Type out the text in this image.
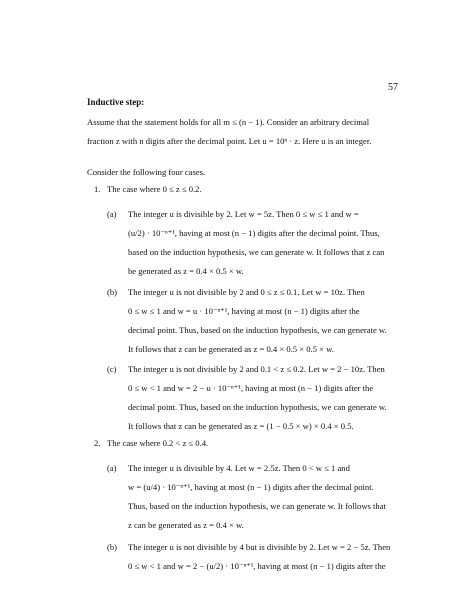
57
Inductive step:
Assume that the statement holds for all m ≤ (n − 1). Consider an arbitrary decimal
fraction z with n digits after the decimal point. Let u = 10ⁿ · z. Here u is an integer.
Consider the following four cases.
1. The case where 0 ≤ z ≤ 0.2.
(a) The integer u is divisible by 2. Let w = 5z. Then 0 ≤ w ≤ 1 and w =
(u/2) · 10⁻ⁿ⁺¹, having at most (n − 1) digits after the decimal point. Thus,
based on the induction hypothesis, we can generate w. It follows that z can
be generated as z = 0.4 × 0.5 × w.
(b) The integer u is not divisible by 2 and 0 ≤ z ≤ 0.1. Let w = 10z. Then
0 ≤ w ≤ 1 and w = u · 10⁻ⁿ⁺¹, having at most (n − 1) digits after the
decimal point. Thus, based on the induction hypothesis, we can generate w.
It follows that z can be generated as z = 0.4 × 0.5 × 0.5 × w.
(c) The integer u is not divisible by 2 and 0.1 < z ≤ 0.2. Let w = 2 − 10z. Then
0 ≤ w < 1 and w = 2 − u · 10⁻ⁿ⁺¹, having at most (n − 1) digits after the
decimal point. Thus, based on the induction hypothesis, we can generate w.
It follows that z can be generated as z = (1 − 0.5 × w) × 0.4 × 0.5.
2. The case where 0.2 < z ≤ 0.4.
(a) The integer u is divisible by 4. Let w = 2.5z. Then 0 < w ≤ 1 and
w = (u/4) · 10⁻ⁿ⁺¹, having at most (n − 1) digits after the decimal point.
Thus, based on the induction hypothesis, we can generate w. It follows that
z can be generated as z = 0.4 × w.
(b) The integer u is not divisible by 4 but is divisible by 2. Let w = 2 − 5z. Then
0 ≤ w < 1 and w = 2 − (u/2) · 10⁻ⁿ⁺¹, having at most (n − 1) digits after the
